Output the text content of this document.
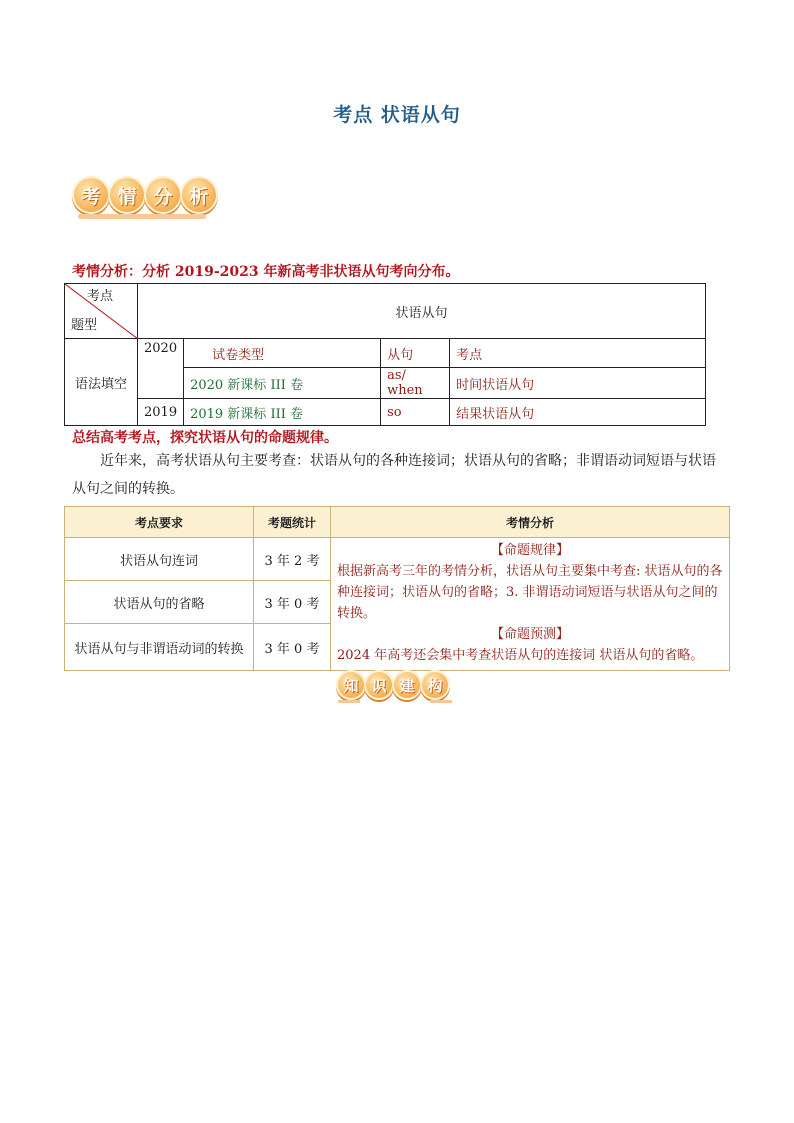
考点 状语从句
考 情 分 析
考情分析：分析 2019-2023 年新高考非状语从句考向分布。
考点
题型	状语从句			
语法填空	2020	试卷类型	从句	考点
		2020 新课标 III 卷	as/ when	时间状语从句
	2019	2019 新课标 III 卷	so	结果状语从句
总结高考考点，探究状语从句的命题规律。
近年来，高考状语从句主要考查：状语从句的各种连接词；状语从句的省略；非谓语动词短语与状语从句之间的转换。
考点要求	考题统计	考情分析
状语从句连词	3 年 2 考	【命题规律】
根据新高考三年的考情分析，状语从句主要集中考查: 状语从句的各种连接词；状语从句的省略；3. 非谓语动词短语与状语从句之间的转换。
【命题预测】
2024 年高考还会集中考查状语从句的连接词 状语从句的省略。

状语从句的省略	3 年 0 考	
状语从句与非谓语动词的转换	3 年 0 考	
知 识 建 构
